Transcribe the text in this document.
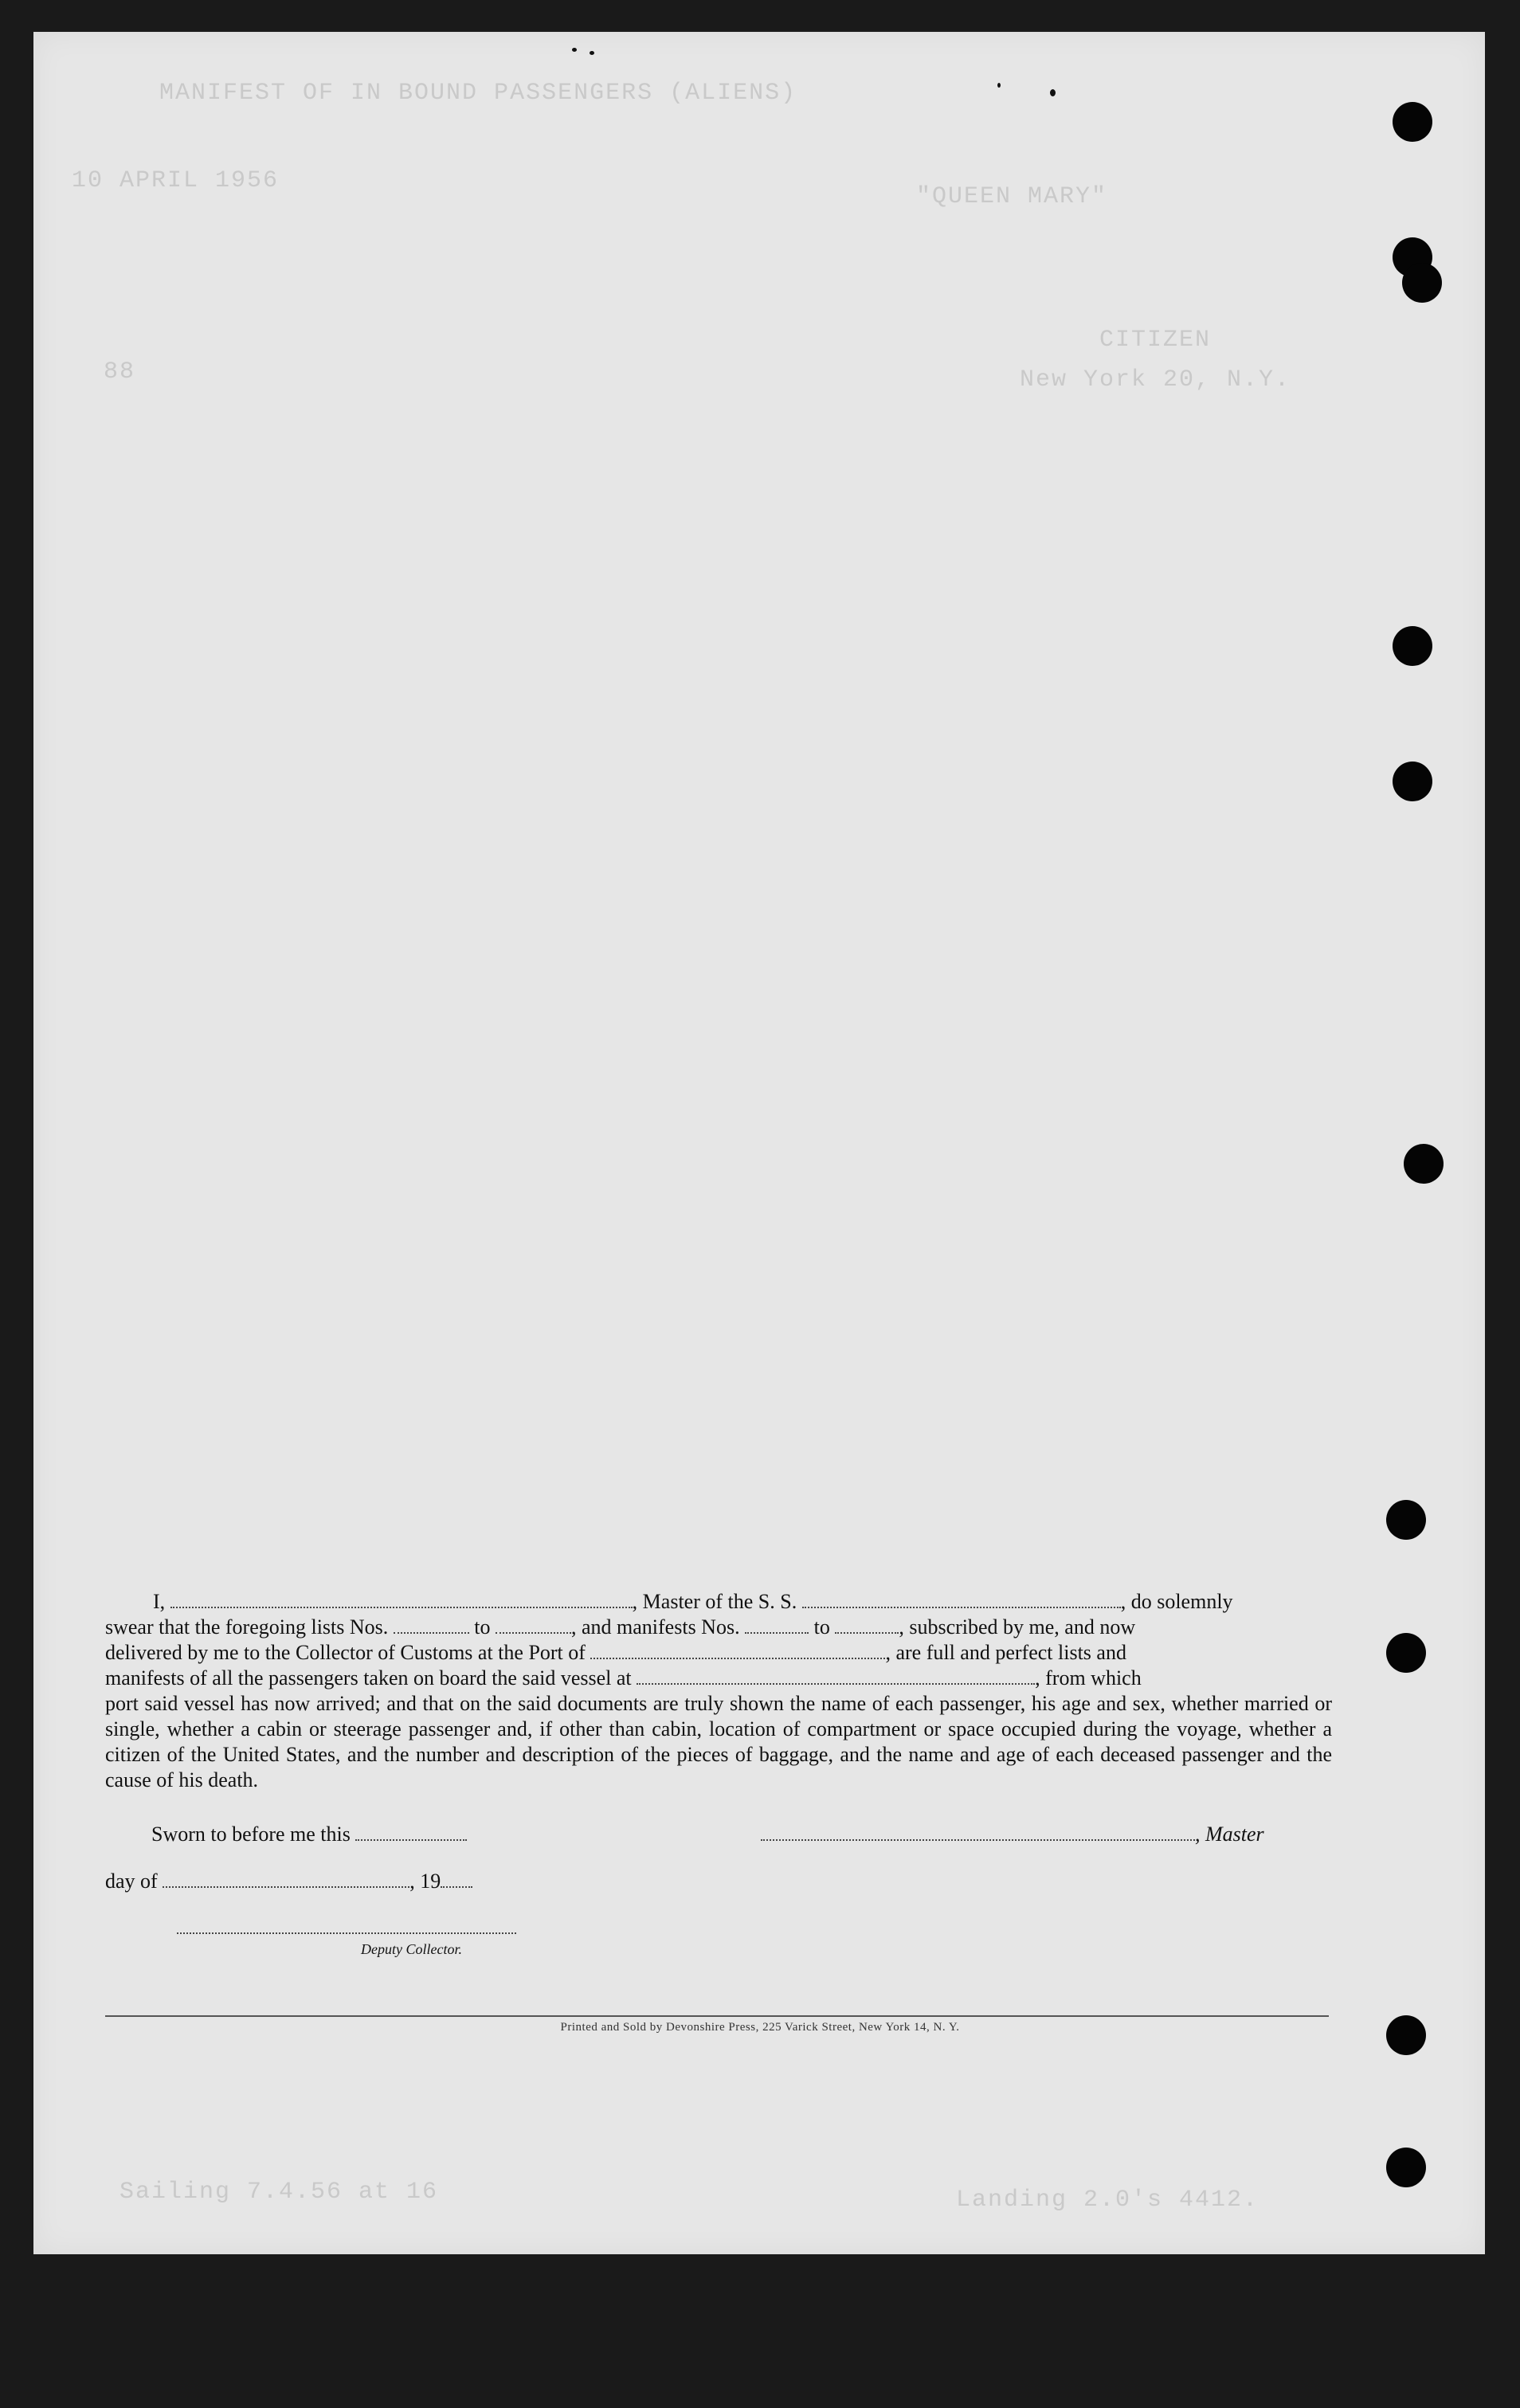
MANIFEST OF IN BOUND PASSENGERS (ALIENS)
10 APRIL 1956
"QUEEN MARY"
88
CITIZEN
New York 20, N.Y.
Sailing 7.4.56 at 16	Landing 2.0's 4412.
I,	, Master of the S. S.	, do solemnly
swear that the foregoing lists Nos.	to	, and manifests Nos.	to	, subscribed by me, and now
delivered by me to the Collector of Customs at the Port of	, are full and perfect lists and
manifests of all the passengers taken on board the said vessel at	, from which
port said vessel has now arrived; and that on the said documents are truly shown the name of each passenger, his age and sex, whether married or single, whether a cabin or steerage passenger and, if other than cabin, location of compartment or space occupied during the voyage, whether a citizen of the United States, and the number and description of the pieces of baggage, and the name and age of each deceased passenger and the cause of his death.
Sworn to before me this	, Master
day of	, 19
Deputy Collector.
Printed and Sold by Devonshire Press, 225 Varick Street, New York 14, N. Y.
